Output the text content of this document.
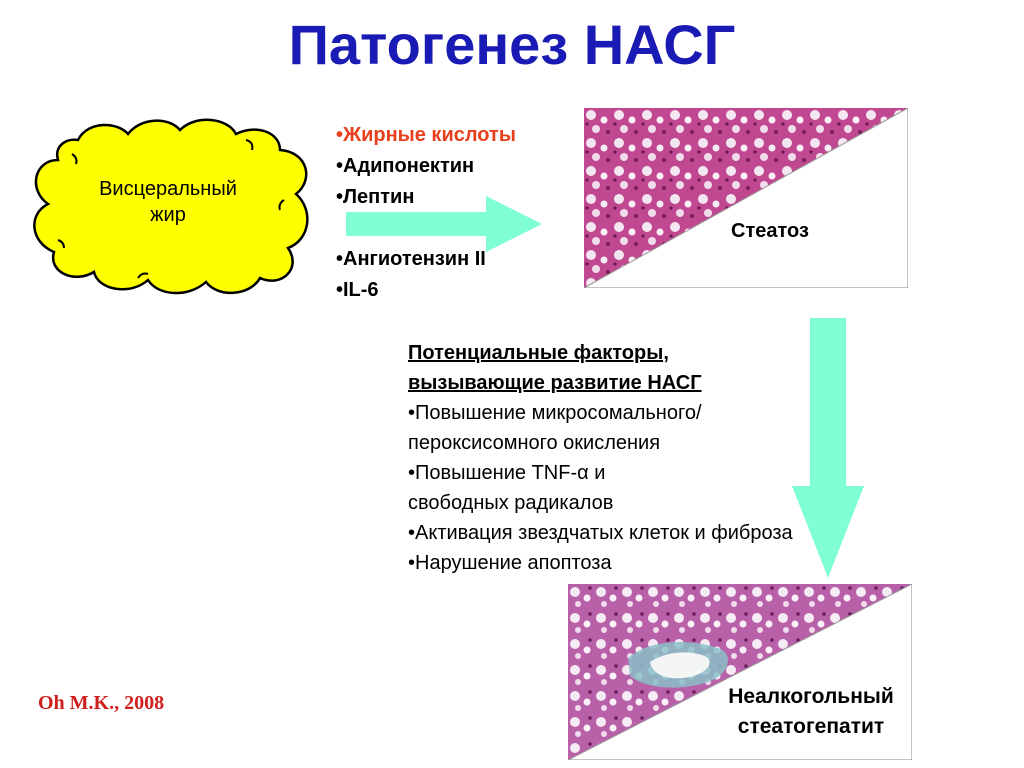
Патогенез НАСГ
Висцеральный
жир
•Жирные кислоты
•Адипонектин
•Лептин
•Ангиотензин II
•IL-6
Стеатоз
Потенциальные факторы,
вызывающие развитие НАСГ
•Повышение микросомального/
пероксисомного окисления
•Повышение TNF-α и
свободных радикалов
•Активация звездчатых клеток и фиброза
•Нарушение апоптоза
Неалкогольный
стеатогепатит
Oh M.K., 2008
